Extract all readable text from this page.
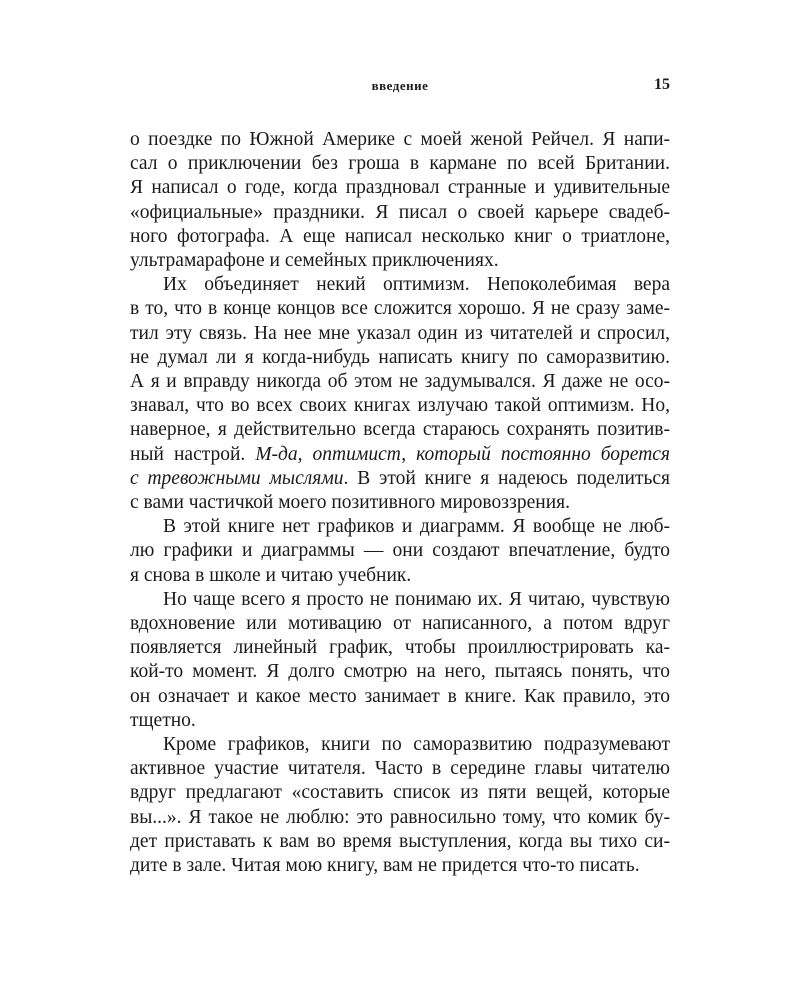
введение	15
о поездке по Южной Америке с моей женой Рейчел. Я напи-
сал о приключении без гроша в кармане по всей Британии.
Я написал о годе, когда праздновал странные и удивительные
«официальные» праздники. Я писал о своей карьере свадеб-
ного фотографа. А еще написал несколько книг о триатлоне,
ультрамарафоне и семейных приключениях.
Их объединяет некий оптимизм. Непоколебимая вера
в то, что в конце концов все сложится хорошо. Я не сразу заме-
тил эту связь. На нее мне указал один из читателей и спросил,
не думал ли я когда-нибудь написать книгу по саморазвитию.
А я и вправду никогда об этом не задумывался. Я даже не осо-
знавал, что во всех своих книгах излучаю такой оптимизм. Но,
наверное, я действительно всегда стараюсь сохранять позитив-
ный настрой. М-да, оптимист, который постоянно борется
с тревожными мыслями. В этой книге я надеюсь поделиться
с вами частичкой моего позитивного мировоззрения.
В этой книге нет графиков и диаграмм. Я вообще не люб-
лю графики и диаграммы — они создают впечатление, будто
я снова в школе и читаю учебник.
Но чаще всего я просто не понимаю их. Я читаю, чувствую
вдохновение или мотивацию от написанного, а потом вдруг
появляется линейный график, чтобы проиллюстрировать ка-
кой-то момент. Я долго смотрю на него, пытаясь понять, что
он означает и какое место занимает в книге. Как правило, это
тщетно.
Кроме графиков, книги по саморазвитию подразумевают
активное участие читателя. Часто в середине главы читателю
вдруг предлагают «составить список из пяти вещей, которые
вы...». Я такое не люблю: это равносильно тому, что комик бу-
дет приставать к вам во время выступления, когда вы тихо си-
дите в зале. Читая мою книгу, вам не придется что-то писать.
